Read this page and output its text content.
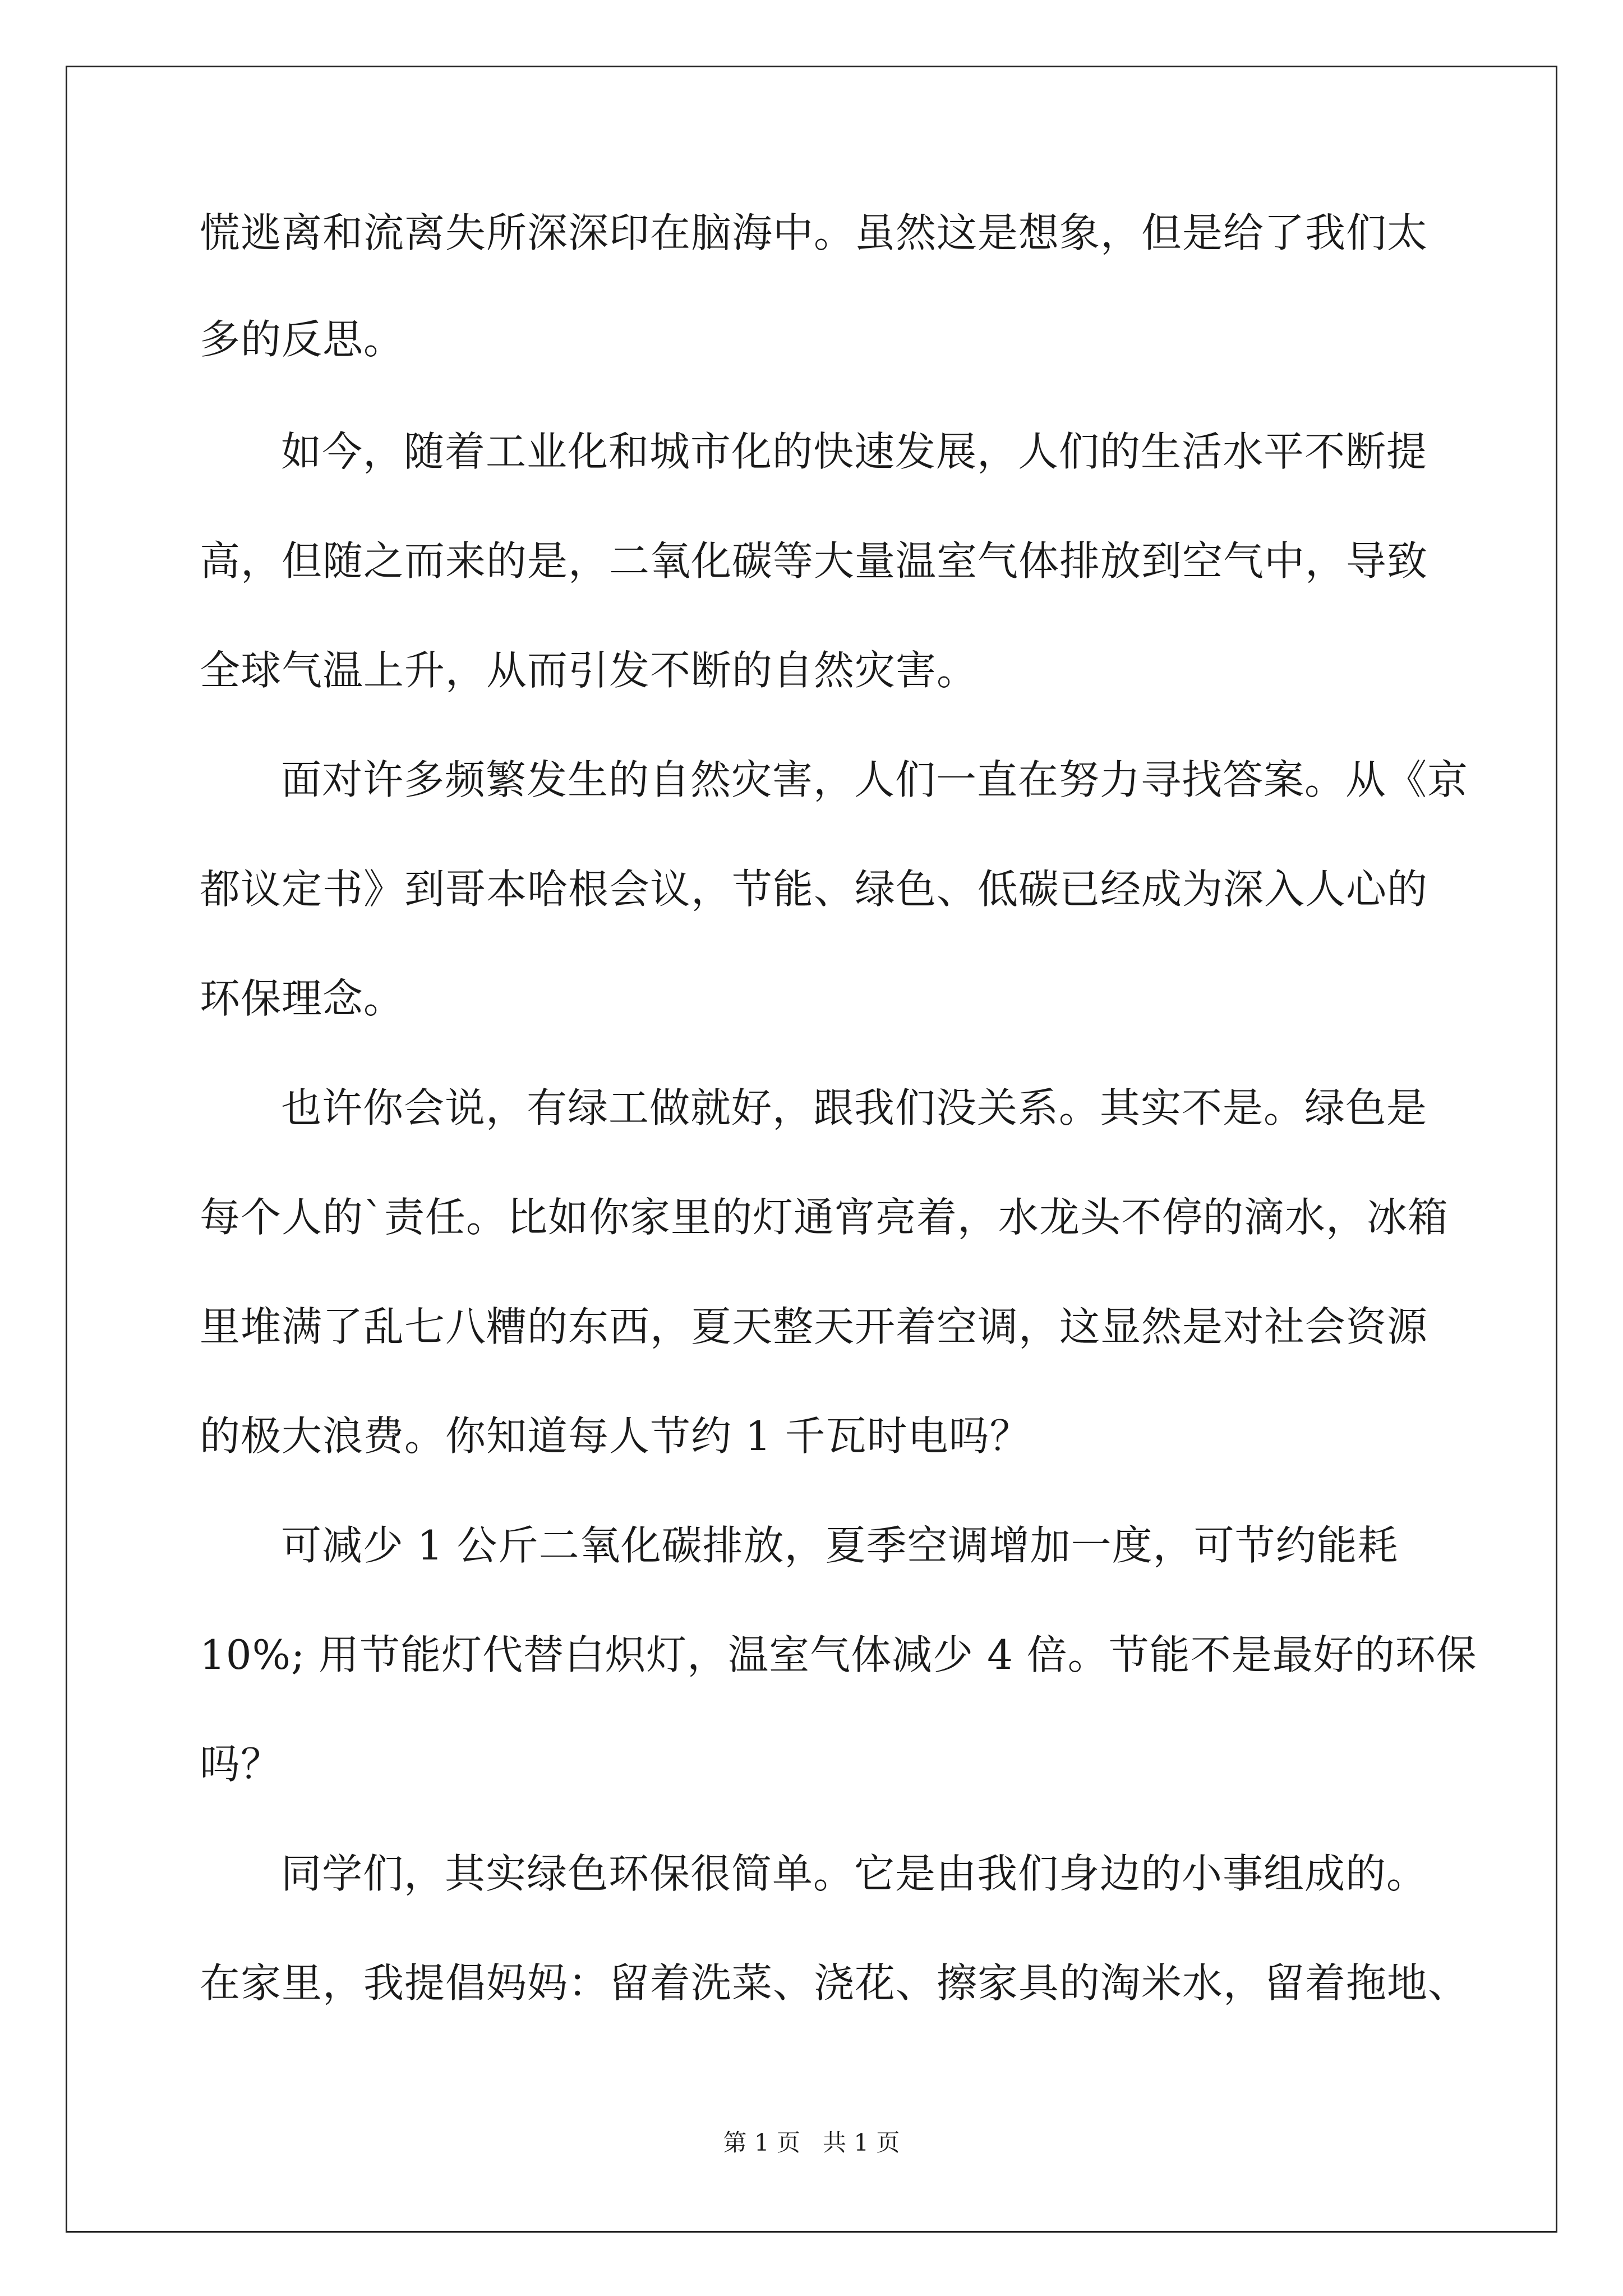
慌逃离和流离失所深深印在脑海中。虽然这是想象，但是给了我们太
多的反思。
如今，随着工业化和城市化的快速发展，人们的生活水平不断提
高，但随之而来的是，二氧化碳等大量温室气体排放到空气中，导致
全球气温上升，从而引发不断的自然灾害。
面对许多频繁发生的自然灾害，人们一直在努力寻找答案。从《京
都议定书》到哥本哈根会议，节能、绿色、低碳已经成为深入人心的
环保理念。
也许你会说，有绿工做就好，跟我们没关系。其实不是。绿色是
每个人的`责任。比如你家里的灯通宵亮着，水龙头不停的滴水，冰箱
里堆满了乱七八糟的东西，夏天整天开着空调，这显然是对社会资源
的极大浪费。你知道每人节约 1 千瓦时电吗？
可减少 1 公斤二氧化碳排放，夏季空调增加一度，可节约能耗
10%; 用节能灯代替白炽灯，温室气体减少 4 倍。节能不是最好的环保
吗？
同学们，其实绿色环保很简单。它是由我们身边的小事组成的。
在家里，我提倡妈妈：留着洗菜、浇花、擦家具的淘米水，留着拖地、
第 1 页   共 1 页
